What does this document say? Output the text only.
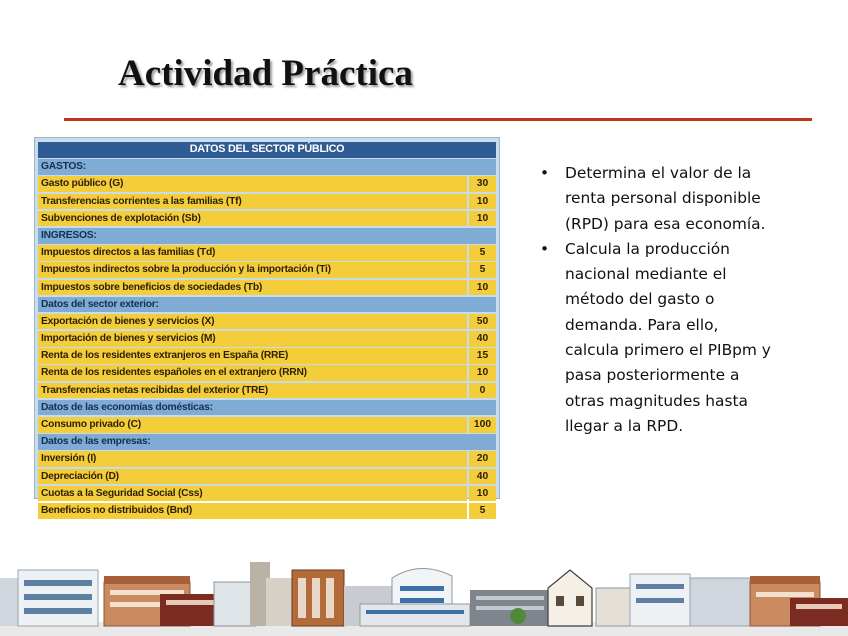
Actividad Práctica
DATOS DEL SECTOR PÚBLICO
GASTOS:
Gasto público (G)	30
Transferencias corrientes a las familias (Tf)	10
Subvenciones de explotación (Sb)	10
INGRESOS:
Impuestos directos a las familias (Td)	5
Impuestos indirectos sobre la producción y la importación (Ti)	5
Impuestos sobre beneficios de sociedades (Tb)	10
Datos del sector exterior:
Exportación de bienes y servicios (X)	50
Importación de bienes y servicios (M)	40
Renta de los residentes extranjeros en España (RRE)	15
Renta de los residentes españoles en el extranjero (RRN)	10
Transferencias netas recibidas del exterior (TRE)	0
Datos de las economías domésticas:
Consumo privado (C)	100
Datos de las empresas:
Inversión (I)	20
Depreciación (D)	40
Cuotas a la Seguridad Social (Css)	10
Beneficios no distribuidos (Bnd)	5
• Determina el valor de la
renta personal disponible
(RPD) para esa economía.
• Calcula la producción
nacional mediante el
método del gasto o
demanda. Para ello,
calcula primero el PIBpm y
pasa posteriormente a
otras magnitudes hasta
llegar a la RPD.
